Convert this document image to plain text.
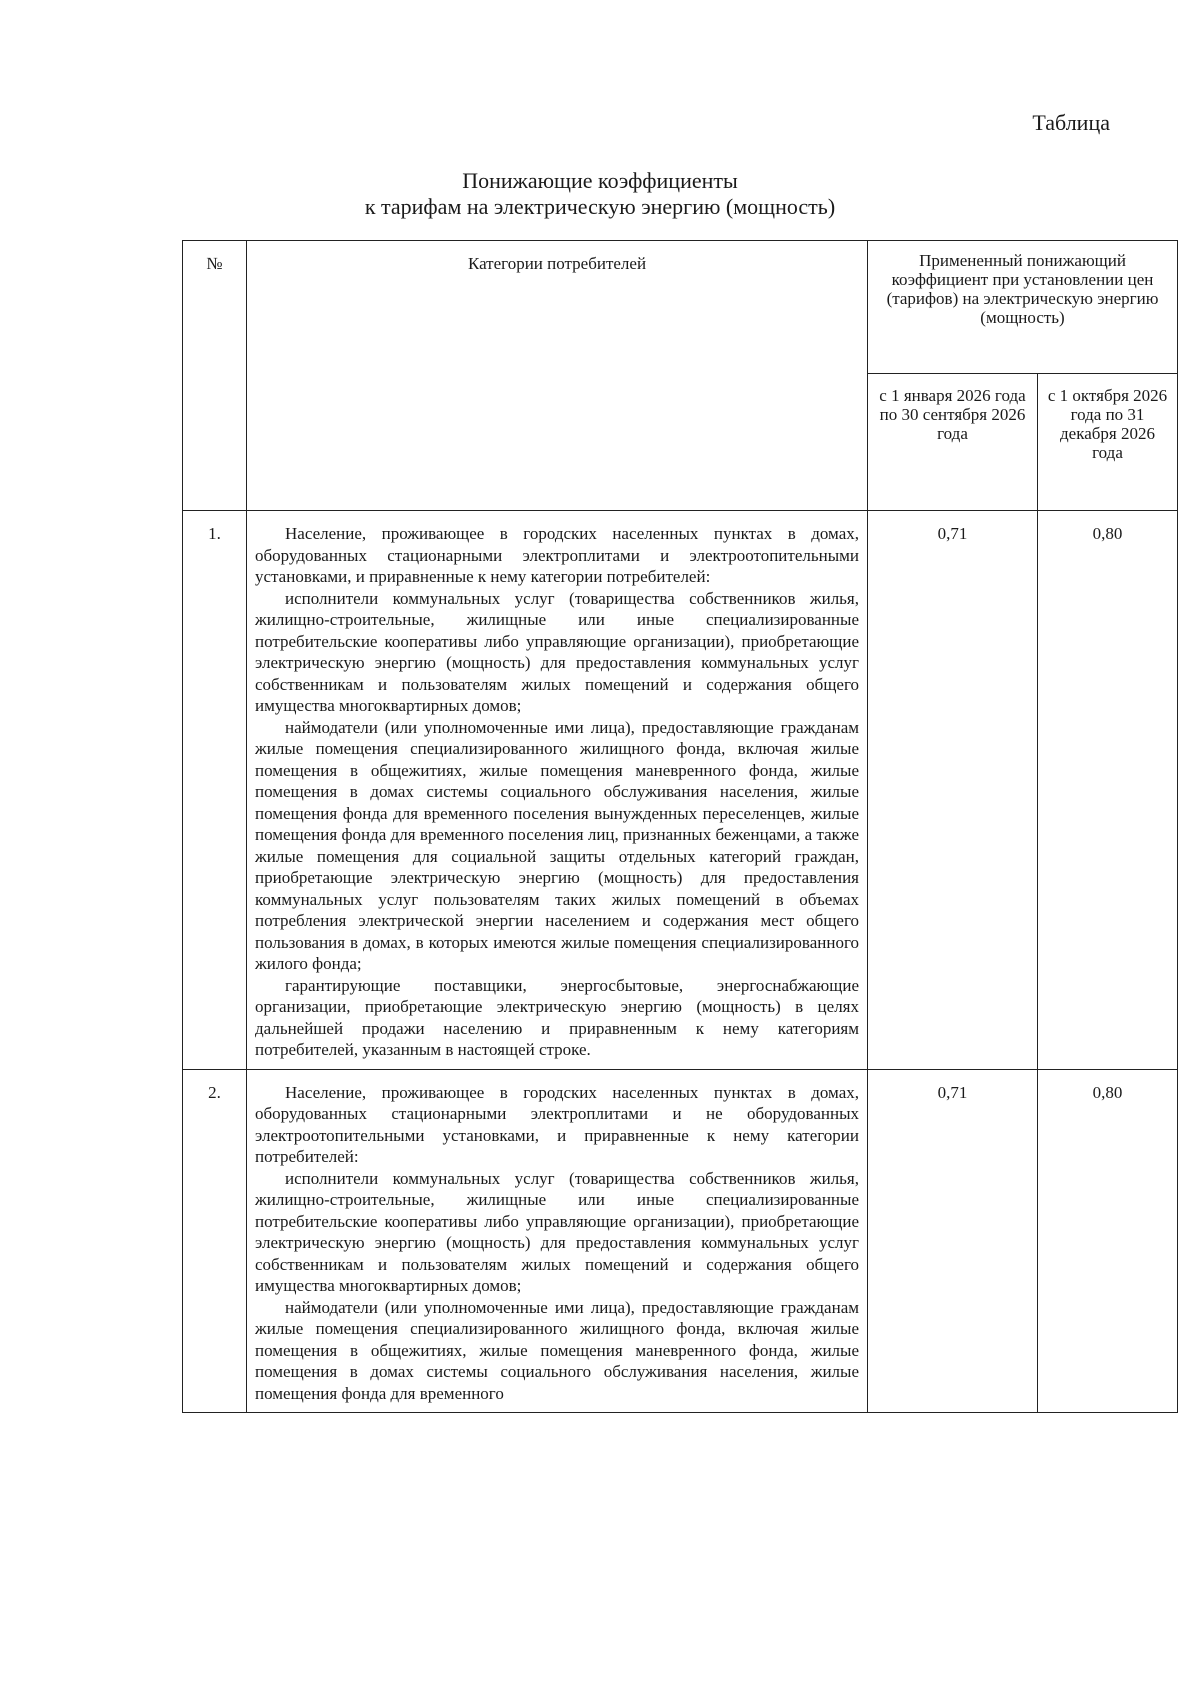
Таблица
Понижающие коэффициенты
к тарифам на электрическую энергию (мощность)
№	Категории потребителей	Примененный понижающий коэффициент при установлении цен (тарифов) на электрическую энергию (мощность)	
		с 1 января 2026 года по 30 сентября 2026 года	с 1 октября 2026 года по 31 декабря 2026 года
1.	Население, проживающее в городских населенных пунктах в домах, оборудованных стационарными электроплитами и электроотопительными установками, и приравненные к нему категории потребителей:

исполнители коммунальных услуг (товарищества собственников жилья, жилищно-строительные, жилищные или иные специализированные потребительские кооперативы либо управляющие организации), приобретающие электрическую энергию (мощность) для предоставления коммунальных услуг собственникам и пользователям жилых помещений и содержания общего имущества многоквартирных домов;

наймодатели (или уполномоченные ими лица), предоставляющие гражданам жилые помещения специализированного жилищного фонда, включая жилые помещения в общежитиях, жилые помещения маневренного фонда, жилые помещения в домах системы социального обслуживания населения, жилые помещения фонда для временного поселения вынужденных переселенцев, жилые помещения фонда для временного поселения лиц, признанных беженцами, а также жилые помещения для социальной защиты отдельных категорий граждан, приобретающие электрическую энергию (мощность) для предоставления коммунальных услуг пользователям таких жилых помещений в объемах потребления электрической энергии населением и содержания мест общего пользования в домах, в которых имеются жилые помещения специализированного жилого фонда;

гарантирующие поставщики, энергосбытовые, энергоснабжающие организации, приобретающие электрическую энергию (мощность) в целях дальнейшей продажи населению и приравненным к нему категориям потребителей, указанным в настоящей строке.	0,71	0,80
2.	Население, проживающее в городских населенных пунктах в домах, оборудованных стационарными электроплитами и не оборудованных электроотопительными установками, и приравненные к нему категории потребителей:

исполнители коммунальных услуг (товарищества собственников жилья, жилищно-строительные, жилищные или иные специализированные потребительские кооперативы либо управляющие организации), приобретающие электрическую энергию (мощность) для предоставления коммунальных услуг собственникам и пользователям жилых помещений и содержания общего имущества многоквартирных домов;

наймодатели (или уполномоченные ими лица), предоставляющие гражданам жилые помещения специализированного жилищного фонда, включая жилые помещения в общежитиях, жилые помещения маневренного фонда, жилые помещения в домах системы социального обслуживания населения, жилые помещения фонда для временного	0,71	0,80
